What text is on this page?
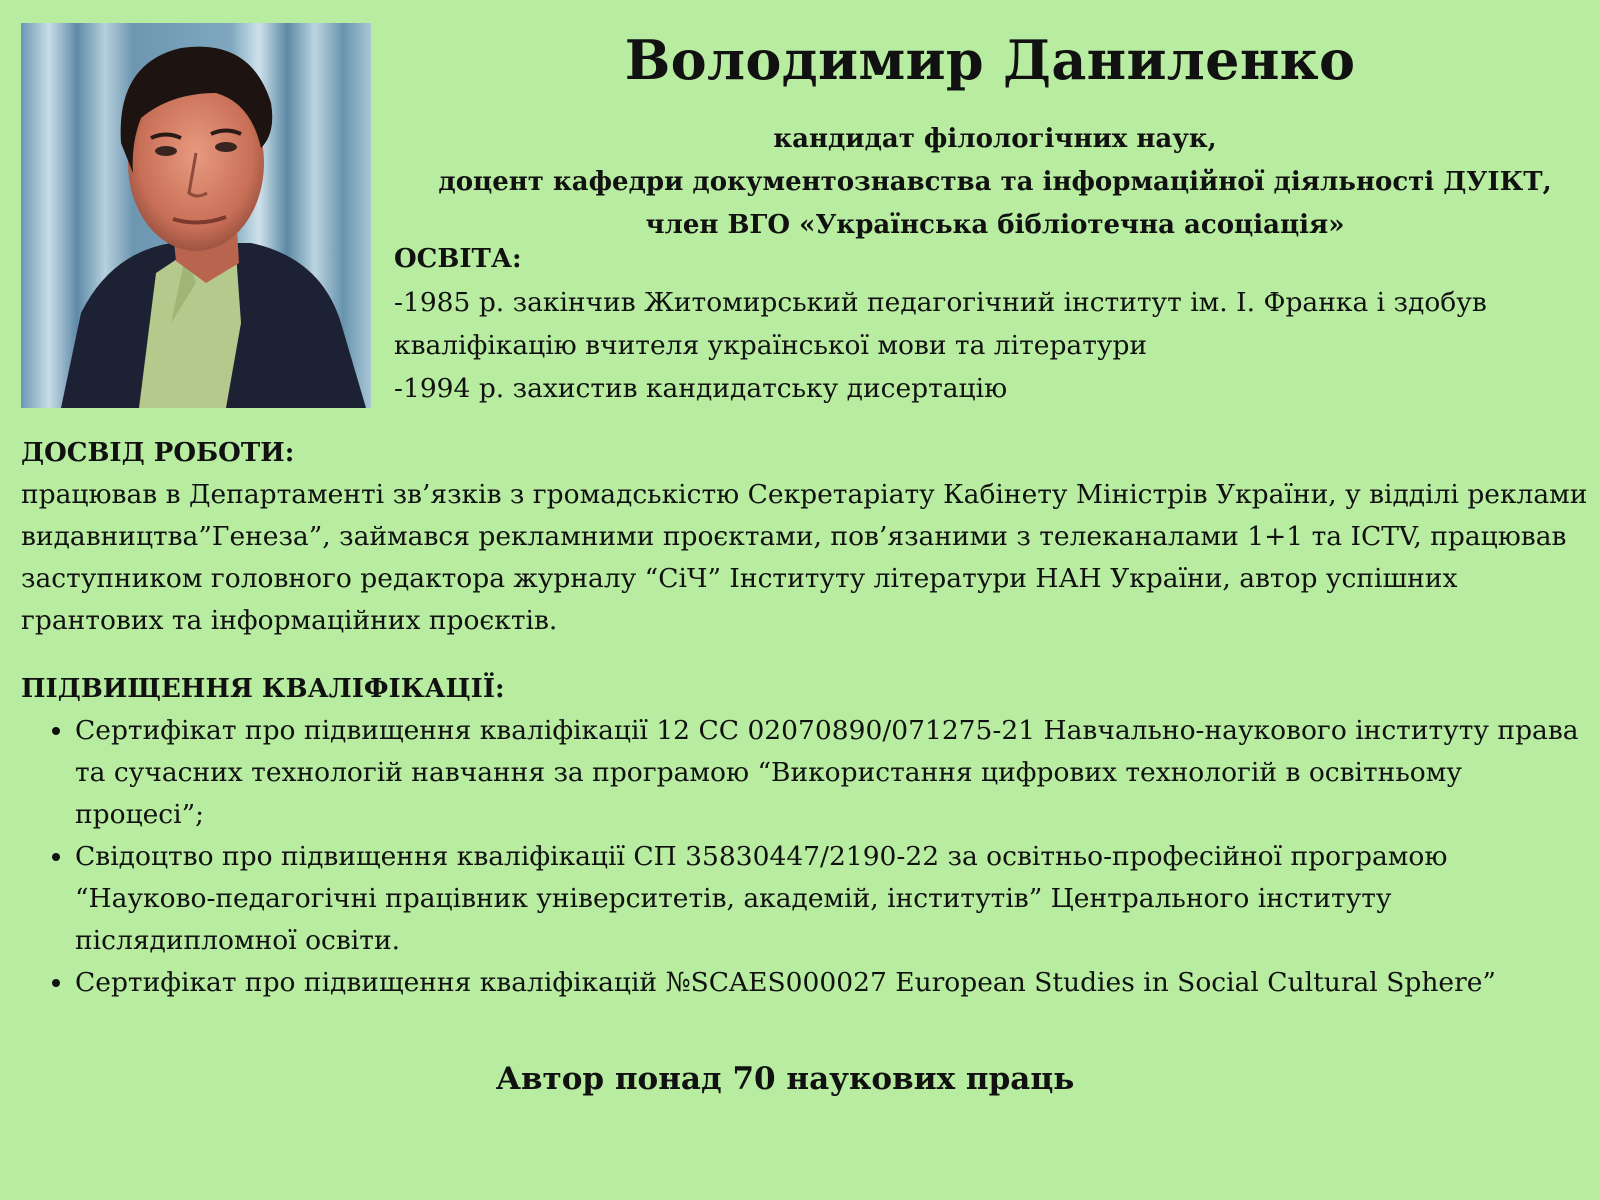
Володимир Даниленко
кандидат філологічних наук,
доцент кафедри документознавства та інформаційної діяльності ДУІКТ,
член ВГО «Українська бібліотечна асоціація»
ОСВІТА:
-1985 р. закінчив Житомирський педагогічний інститут ім. І. Франка і здобув кваліфікацію вчителя української мови та літератури
-1994 р. захистив кандидатську дисертацію
ДОСВІД РОБОТИ:

працював в Департаменті зв’язків з громадськістю Секретаріату Кабінету Міністрів України, у відділі реклами видавництва”Генеза”, займався рекламними проєктами, пов’язаними з телеканалами 1+1 та ICTV, працював заступником головного редактора журналу “СіЧ” Інституту літератури НАН України, автор успішних грантових та інформаційних проєктів.

ПІДВИЩЕННЯ КВАЛІФІКАЦІЇ:
• Сертифікат про підвищення кваліфікації 12 СС 02070890/071275-21 Навчально-наукового інституту права та сучасних технологій навчання за програмою “Використання цифрових технологій в освітньому процесі”;
• Свідоцтво про підвищення кваліфікації СП 35830447/2190-22 за освітньо-професійної програмою “Науково-педагогічні працівник університетів, академій, інститутів” Центрального інституту післядипломної освіти.
• Сертифікат про підвищення кваліфікацій №SCAES000027 European Studies in Social Cultural Sphere”
Автор понад 70 наукових праць
